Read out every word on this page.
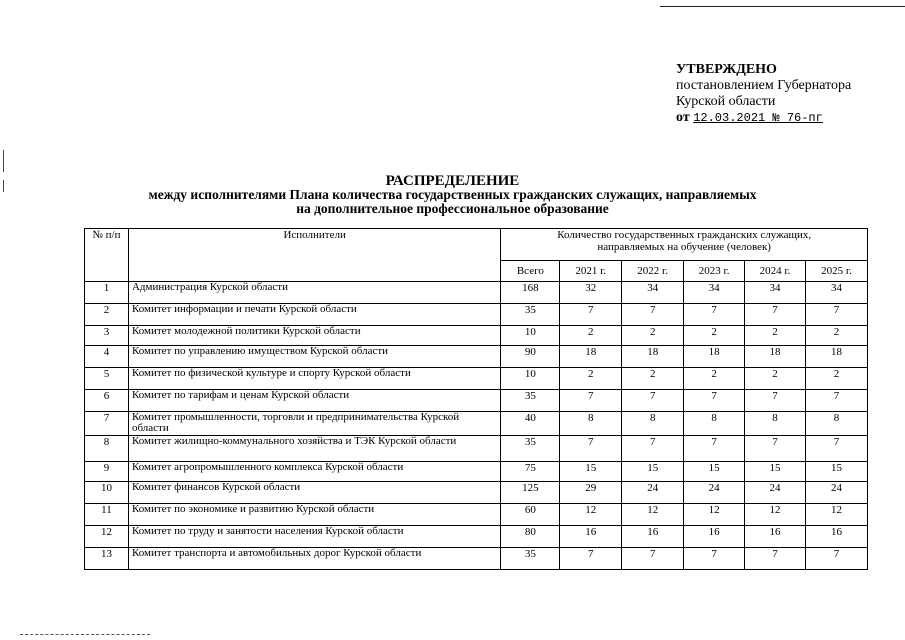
УТВЕРЖДЕНО
постановлением Губернатора
Курской области
от 12.03.2021 № 76-пг
РАСПРЕДЕЛЕНИЕ
между исполнителями Плана количества государственных гражданских служащих, направляемых
на дополнительное профессиональное образование
№ п/п	Исполнители	Количество государственных гражданских служащих, направляемых на обучение (человек)					
		Всего	2021 г.	2022 г.	2023 г.	2024 г.	2025 г.
1	Администрация Курской области	168	32	34	34	34	34
2	Комитет информации и печати Курской области	35	7	7	7	7	7
3	Комитет молодежной политики Курской области	10	2	2	2	2	2
4	Комитет по управлению имуществом Курской области	90	18	18	18	18	18
5	Комитет по физической культуре и спорту Курской области	10	2	2	2	2	2
6	Комитет по тарифам и ценам Курской области	35	7	7	7	7	7
7	Комитет промышленности, торговли и предпринимательства Курской области	40	8	8	8	8	8
8	Комитет жилищно-коммунального хозяйства и ТЭК Курской области	35	7	7	7	7	7
9	Комитет агропромышленного комплекса Курской области	75	15	15	15	15	15
10	Комитет финансов Курской области	125	29	24	24	24	24
11	Комитет по экономике и развитию Курской области	60	12	12	12	12	12
12	Комитет по труду и занятости населения Курской области	80	16	16	16	16	16
13	Комитет транспорта и автомобильных дорог Курской области	35	7	7	7	7	7
